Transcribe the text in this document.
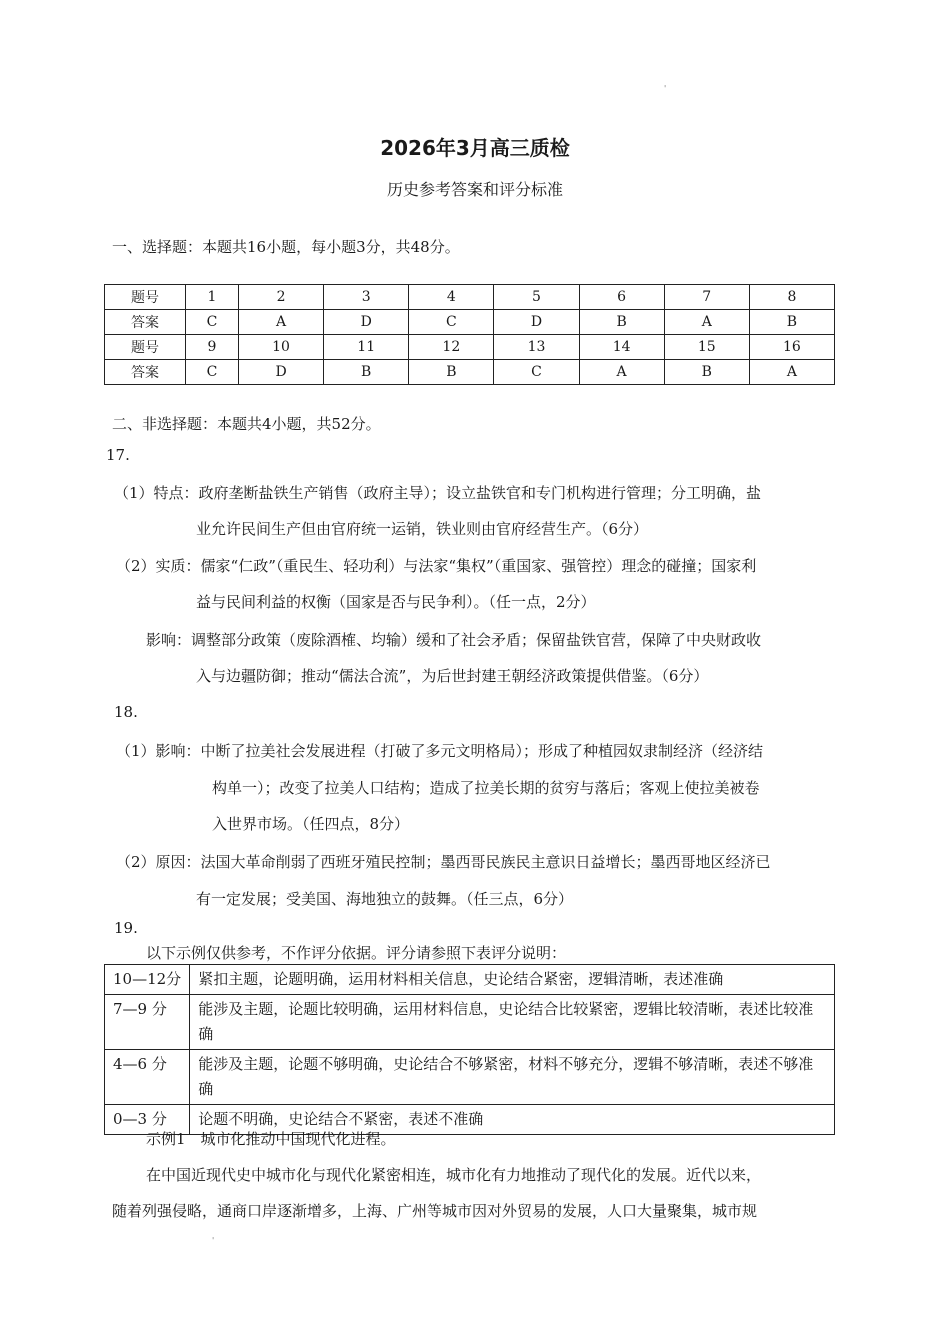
'
2026年3月高三质检
历史参考答案和评分标准
一、选择题：本题共16小题，每小题3分，共48分。
题号	1	2	3	4	5	6	7	8
答案	C	A	D	C	D	B	A	B
题号	9	10	11	12	13	14	15	16
答案	C	D	B	B	C	A	B	A
二、非选择题：本题共4小题，共52分。
17.
（1）特点：政府垄断盐铁生产销售（政府主导）；设立盐铁官和专门机构进行管理；分工明确，盐
业允许民间生产但由官府统一运销，铁业则由官府经营生产。（6分）
（2）实质：儒家“仁政”（重民生、轻功利）与法家“集权”（重国家、强管控）理念的碰撞；国家利
益与民间利益的权衡（国家是否与民争利）。（任一点，2分）
影响：调整部分政策（废除酒榷、均输）缓和了社会矛盾；保留盐铁官营，保障了中央财政收
入与边疆防御；推动“儒法合流”，为后世封建王朝经济政策提供借鉴。（6分）
18.
（1）影响：中断了拉美社会发展进程（打破了多元文明格局）；形成了种植园奴隶制经济（经济结
构单一）；改变了拉美人口结构；造成了拉美长期的贫穷与落后；客观上使拉美被卷
入世界市场。（任四点，8分）
（2）原因：法国大革命削弱了西班牙殖民控制；墨西哥民族民主意识日益增长；墨西哥地区经济已
有一定发展；受美国、海地独立的鼓舞。（任三点，6分）
19.
以下示例仅供参考，不作评分依据。评分请参照下表评分说明：
10—12分	紧扣主题，论题明确，运用材料相关信息，史论结合紧密，逻辑清晰，表述准确
7—9 分	能涉及主题，论题比较明确，运用材料信息，史论结合比较紧密，逻辑比较清晰，表述比较准确
4—6 分	能涉及主题，论题不够明确，史论结合不够紧密，材料不够充分，逻辑不够清晰，表述不够准确
0—3 分	论题不明确，史论结合不紧密，表述不准确
示例1　城市化推动中国现代化进程。
在中国近现代史中城市化与现代化紧密相连，城市化有力地推动了现代化的发展。近代以来，
随着列强侵略，通商口岸逐渐增多，上海、广州等城市因对外贸易的发展，人口大量聚集，城市规
'
